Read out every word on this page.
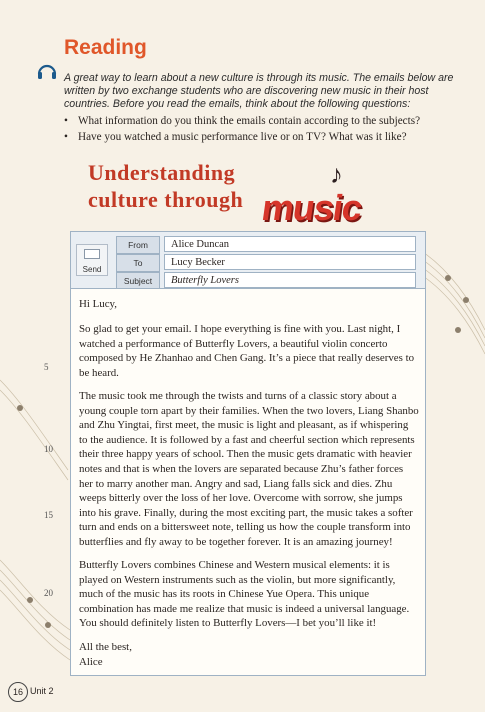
Reading
A great way to learn about a new culture is through its music. The emails below are written by two exchange students who are discovering new music in their host countries. Before you read the emails, think about the following questions:
• What information do you think the emails contain according to the subjects?
• Have you watched a music performance live or on TV? What was it like?
Understanding
culture through music
♪
Send
From	Alice Duncan
To	Lucy Becker
Subject	Butterfly Lovers
Hi Lucy,
So glad to get your email. I hope everything is fine with you. Last night, I watched a performance of Butterfly Lovers, a beautiful violin concerto composed by He Zhanhao and Chen Gang. It’s a piece that really deserves to be heard.
The music took me through the twists and turns of a classic story about a young couple torn apart by their families. When the two lovers, Liang Shanbo and Zhu Yingtai, first meet, the music is light and pleasant, as if whispering to the audience. It is followed by a fast and cheerful section which represents their three happy years of school. Then the music gets dramatic with heavier notes and that is when the lovers are separated because Zhu’s father forces her to marry another man. Angry and sad, Liang falls sick and dies. Zhu weeps bitterly over the loss of her love. Overcome with sorrow, she jumps into his grave. Finally, during the most exciting part, the music takes a softer turn and ends on a bittersweet note, telling us how the couple transform into butterflies and fly away to be together forever. It is an amazing journey!
Butterfly Lovers combines Chinese and Western musical elements: it is played on Western instruments such as the violin, but more significantly, much of the music has its roots in Chinese Yue Opera. This unique combination has made me realize that music is indeed a universal language. You should definitely listen to Butterfly Lovers—I bet you’ll like it!
All the best,
Alice
5
10
15
20
16 Unit 2
